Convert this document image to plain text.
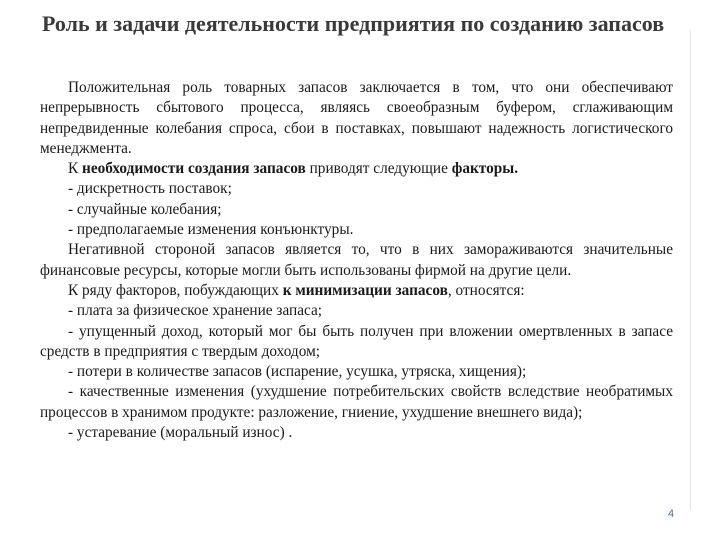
Роль и задачи деятельности предприятия по созданию запасов

Положительная роль товарных запасов заключается в том, что они обеспечивают непрерывность сбытового процесса, являясь своеобразным буфером, сглаживающим непредвиденные колебания спроса, сбои в поставках, повышают надежность логистического менеджмента.

К необходимости создания запасов приводят следующие факторы.

- дискретность поставок;

- случайные колебания;

- предполагаемые изменения конъюнктуры.

Негативной стороной запасов является то, что в них замораживаются значительные финансовые ресурсы, которые могли быть использованы фирмой на другие цели.

К ряду факторов, побуждающих к минимизации запасов, относятся:

- плата за физическое хранение запаса;

- упущенный доход, который мог бы быть получен при вложении омертвленных в запасе средств в предприятия с твердым доходом;

- потери в количестве запасов (испарение, усушка, утряска, хищения);

- качественные изменения (ухудшение потребительских свойств вследствие необратимых процессов в хранимом продукте: разложение, гниение, ухудшение внешнего вида);

- устаревание (моральный износ) .

4
